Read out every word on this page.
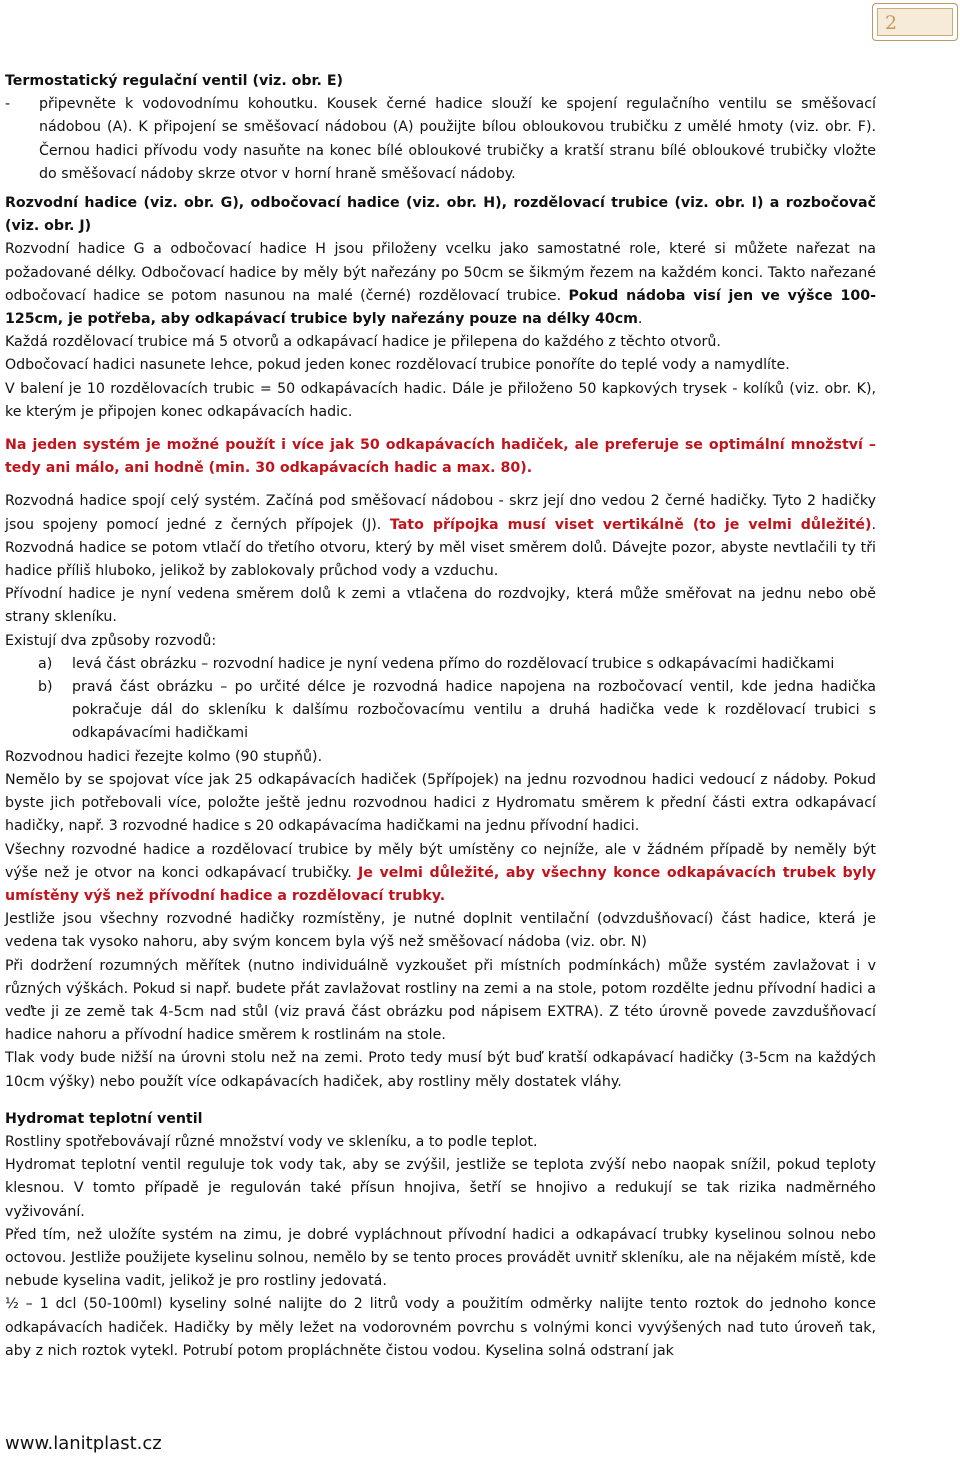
2

Termostatický regulační ventil (viz. obr. E)

-	připevněte k vodovodnímu kohoutku. Kousek černé hadice slouží ke spojení regulačního ventilu se směšovací nádobou (A). K připojení se směšovací nádobou (A) použijte bílou obloukovou trubičku z umělé hmoty (viz. obr. F). Černou hadici přívodu vody nasuňte na konec bílé obloukové trubičky a kratší stranu bílé obloukové trubičky vložte do směšovací nádoby skrze otvor v horní hraně směšovací nádoby.

Rozvodní hadice (viz. obr. G), odbočovací hadice (viz. obr. H), rozdělovací trubice (viz. obr. I) a rozbočovač (viz. obr. J)

Rozvodní hadice G a odbočovací hadice H jsou přiloženy vcelku jako samostatné role, které si můžete nařezat na požadované délky. Odbočovací hadice by měly být nařezány po 50cm se šikmým řezem na každém konci. Takto nařezané odbočovací hadice se potom nasunou na malé (černé) rozdělovací trubice. Pokud nádoba visí jen ve výšce 100-125cm, je potřeba, aby odkapávací trubice byly nařezány pouze na délky 40cm.

Každá rozdělovací trubice má 5 otvorů a odkapávací hadice je přilepena do každého z těchto otvorů.

Odbočovací hadici nasunete lehce, pokud jeden konec rozdělovací trubice ponoříte do teplé vody a namydlíte.

V balení je 10 rozdělovacích trubic = 50 odkapávacích hadic. Dále je přiloženo 50 kapkových trysek - kolíků (viz. obr. K), ke kterým je připojen konec odkapávacích hadic.

Na jeden systém je možné použít i více jak 50 odkapávacích hadiček, ale preferuje se optimální množství – tedy ani málo, ani hodně (min. 30 odkapávacích hadic a max. 80).

Rozvodná hadice spojí celý systém. Začíná pod směšovací nádobou - skrz její dno vedou 2 černé hadičky. Tyto 2 hadičky jsou spojeny pomocí jedné z černých přípojek (J). Tato přípojka musí viset vertikálně (to je velmi důležité). Rozvodná hadice se potom vtlačí do třetího otvoru, který by měl viset směrem dolů. Dávejte pozor, abyste nevtlačili ty tři hadice příliš hluboko, jelikož by zablokovaly průchod vody a vzduchu.

Přívodní hadice je nyní vedena směrem dolů k zemi a vtlačena do rozdvojky, která může směřovat na jednu nebo obě strany skleníku.

Existují dva způsoby rozvodů:

a)	levá část obrázku – rozvodní hadice je nyní vedena přímo do rozdělovací trubice s odkapávacími hadičkami
b)	pravá část obrázku – po určité délce je rozvodná hadice napojena na rozbočovací ventil, kde jedna hadička pokračuje dál do skleníku k dalšímu rozbočovacímu ventilu a druhá hadička vede k rozdělovací trubici s odkapávacími hadičkami

Rozvodnou hadici řezejte kolmo (90 stupňů).

Nemělo by se spojovat více jak 25 odkapávacích hadiček (5přípojek) na jednu rozvodnou hadici vedoucí z nádoby. Pokud byste jich potřebovali více, položte ještě jednu rozvodnou hadici z Hydromatu směrem k přední části extra odkapávací hadičky, např. 3 rozvodné hadice s 20 odkapávacíma hadičkami na jednu přívodní hadici.

Všechny rozvodné hadice a rozdělovací trubice by měly být umístěny co nejníže, ale v žádném případě by neměly být výše než je otvor na konci odkapávací trubičky. Je velmi důležité, aby všechny konce odkapávacích trubek byly umístěny výš než přívodní hadice a rozdělovací trubky.

Jestliže jsou všechny rozvodné hadičky rozmístěny, je nutné doplnit ventilační (odvzdušňovací) část hadice, která je vedena tak vysoko nahoru, aby svým koncem byla výš než směšovací nádoba (viz. obr. N)

Při dodržení rozumných měřítek (nutno individuálně vyzkoušet při místních podmínkách) může systém zavlažovat i v různých výškách. Pokud si např. budete přát zavlažovat rostliny na zemi a na stole, potom rozdělte jednu přívodní hadici a veďte ji ze země tak 4-5cm nad stůl (viz pravá část obrázku pod nápisem EXTRA). Z této úrovně povede zavzdušňovací hadice nahoru a přívodní hadice směrem k rostlinám na stole.

Tlak vody bude nižší na úrovni stolu než na zemi. Proto tedy musí být buď kratší odkapávací hadičky (3-5cm na každých 10cm výšky) nebo použít více odkapávacích hadiček, aby rostliny měly dostatek vláhy.

Hydromat teplotní ventil

Rostliny spotřebovávají různé množství vody ve skleníku, a to podle teplot.

Hydromat teplotní ventil reguluje tok vody tak, aby se zvýšil, jestliže se teplota zvýší nebo naopak snížil, pokud teploty klesnou. V tomto případě je regulován také přísun hnojiva, šetří se hnojivo a redukují se tak rizika nadměrného vyživování.

Před tím, než uložíte systém na zimu, je dobré vypláchnout přívodní hadici a odkapávací trubky kyselinou solnou nebo octovou. Jestliže použijete kyselinu solnou, nemělo by se tento proces provádět uvnitř skleníku, ale na nějakém místě, kde nebude kyselina vadit, jelikož je pro rostliny jedovatá.

½ – 1 dcl (50-100ml) kyseliny solné nalijte do 2 litrů vody a použitím odměrky nalijte tento roztok do jednoho konce odkapávacích hadiček. Hadičky by měly ležet na vodorovném povrchu s volnými konci vyvýšených nad tuto úroveň tak, aby z nich roztok vytekl. Potrubí potom propláchněte čistou vodou. Kyselina solná odstraní jak

www.lanitplast.cz
